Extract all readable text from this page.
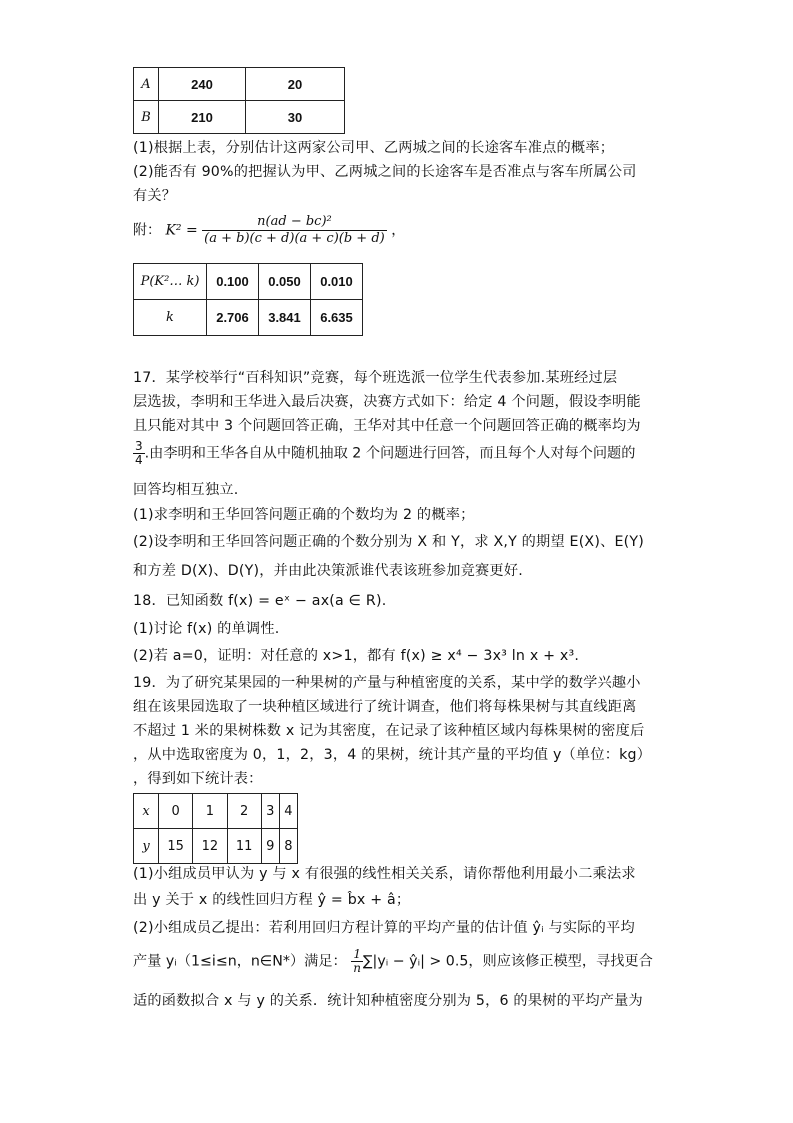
A	240	20
B	210	30
(1)根据上表，分别估计这两家公司甲、乙两城之间的长途客车准点的概率；
(2)能否有 90%的把握认为甲、乙两城之间的长途客车是否准点与客车所属公司
有关？
附： $K^2 = \frac{\text{n(ad − bc)²}}{(a + b)(c + d)(a + c)(b + d)}$ ，
P(K²… k)	0.100	0.050	0.010
k	2.706	3.841	6.635
17．某学校举行“百科知识”竞赛，每个班选派一位学生代表参加.某班经过层
层选拔，李明和王华进入最后决赛，决赛方式如下：给定 4 个问题，假设李明能
且只能对其中 3 个问题回答正确，王华对其中任意一个问题回答正确的概率均为
$\frac{3}{4}$ .由李明和王华各自从中随机抽取 2 个问题进行回答，而且每个人对每个问题的
回答均相互独立.
(1)求李明和王华回答问题正确的个数均为 2 的概率；
(2)设李明和王华回答问题正确的个数分别为 X 和 Y，求 X,Y 的期望 E(X)、E(Y)
和方差 D(X)、D(Y)，并由此决策派谁代表该班参加竞赛更好.
18．已知函数 f(x) = eˣ − ax(a ∈ R).
(1)讨论 f(x) 的单调性.
(2)若 a=0，证明：对任意的 x>1，都有 f(x) ≥ x⁴ − 3x³ ln x + x³.
19．为了研究某果园的一种果树的产量与种植密度的关系，某中学的数学兴趣小
组在该果园选取了一块种植区域进行了统计调查，他们将每株果树与其直线距离
不超过 1 米的果树株数 x 记为其密度，在记录了该种植区域内每株果树的密度后
，从中选取密度为 0，1，2，3，4 的果树，统计其产量的平均值 y（单位：kg）
，得到如下统计表：
x	0	1	2	3	4
y	15	12	11	9	8
(1)小组成员甲认为 y 与 x 有很强的线性相关关系，请你帮他利用最小二乘法求
出 y 关于 x 的线性回归方程 ŷ = b̂x + â；
(2)小组成员乙提出：若利用回归方程计算的平均产量的估计值 ŷᵢ 与实际的平均
产量 yᵢ（1≤i≤n，n∈N*）满足： $\frac{1}{n}$ ∑|yᵢ − ŷᵢ| > 0.5，则应该修正模型，寻找更合
适的函数拟合 x 与 y 的关系．统计知种植密度分别为 5，6 的果树的平均产量为
